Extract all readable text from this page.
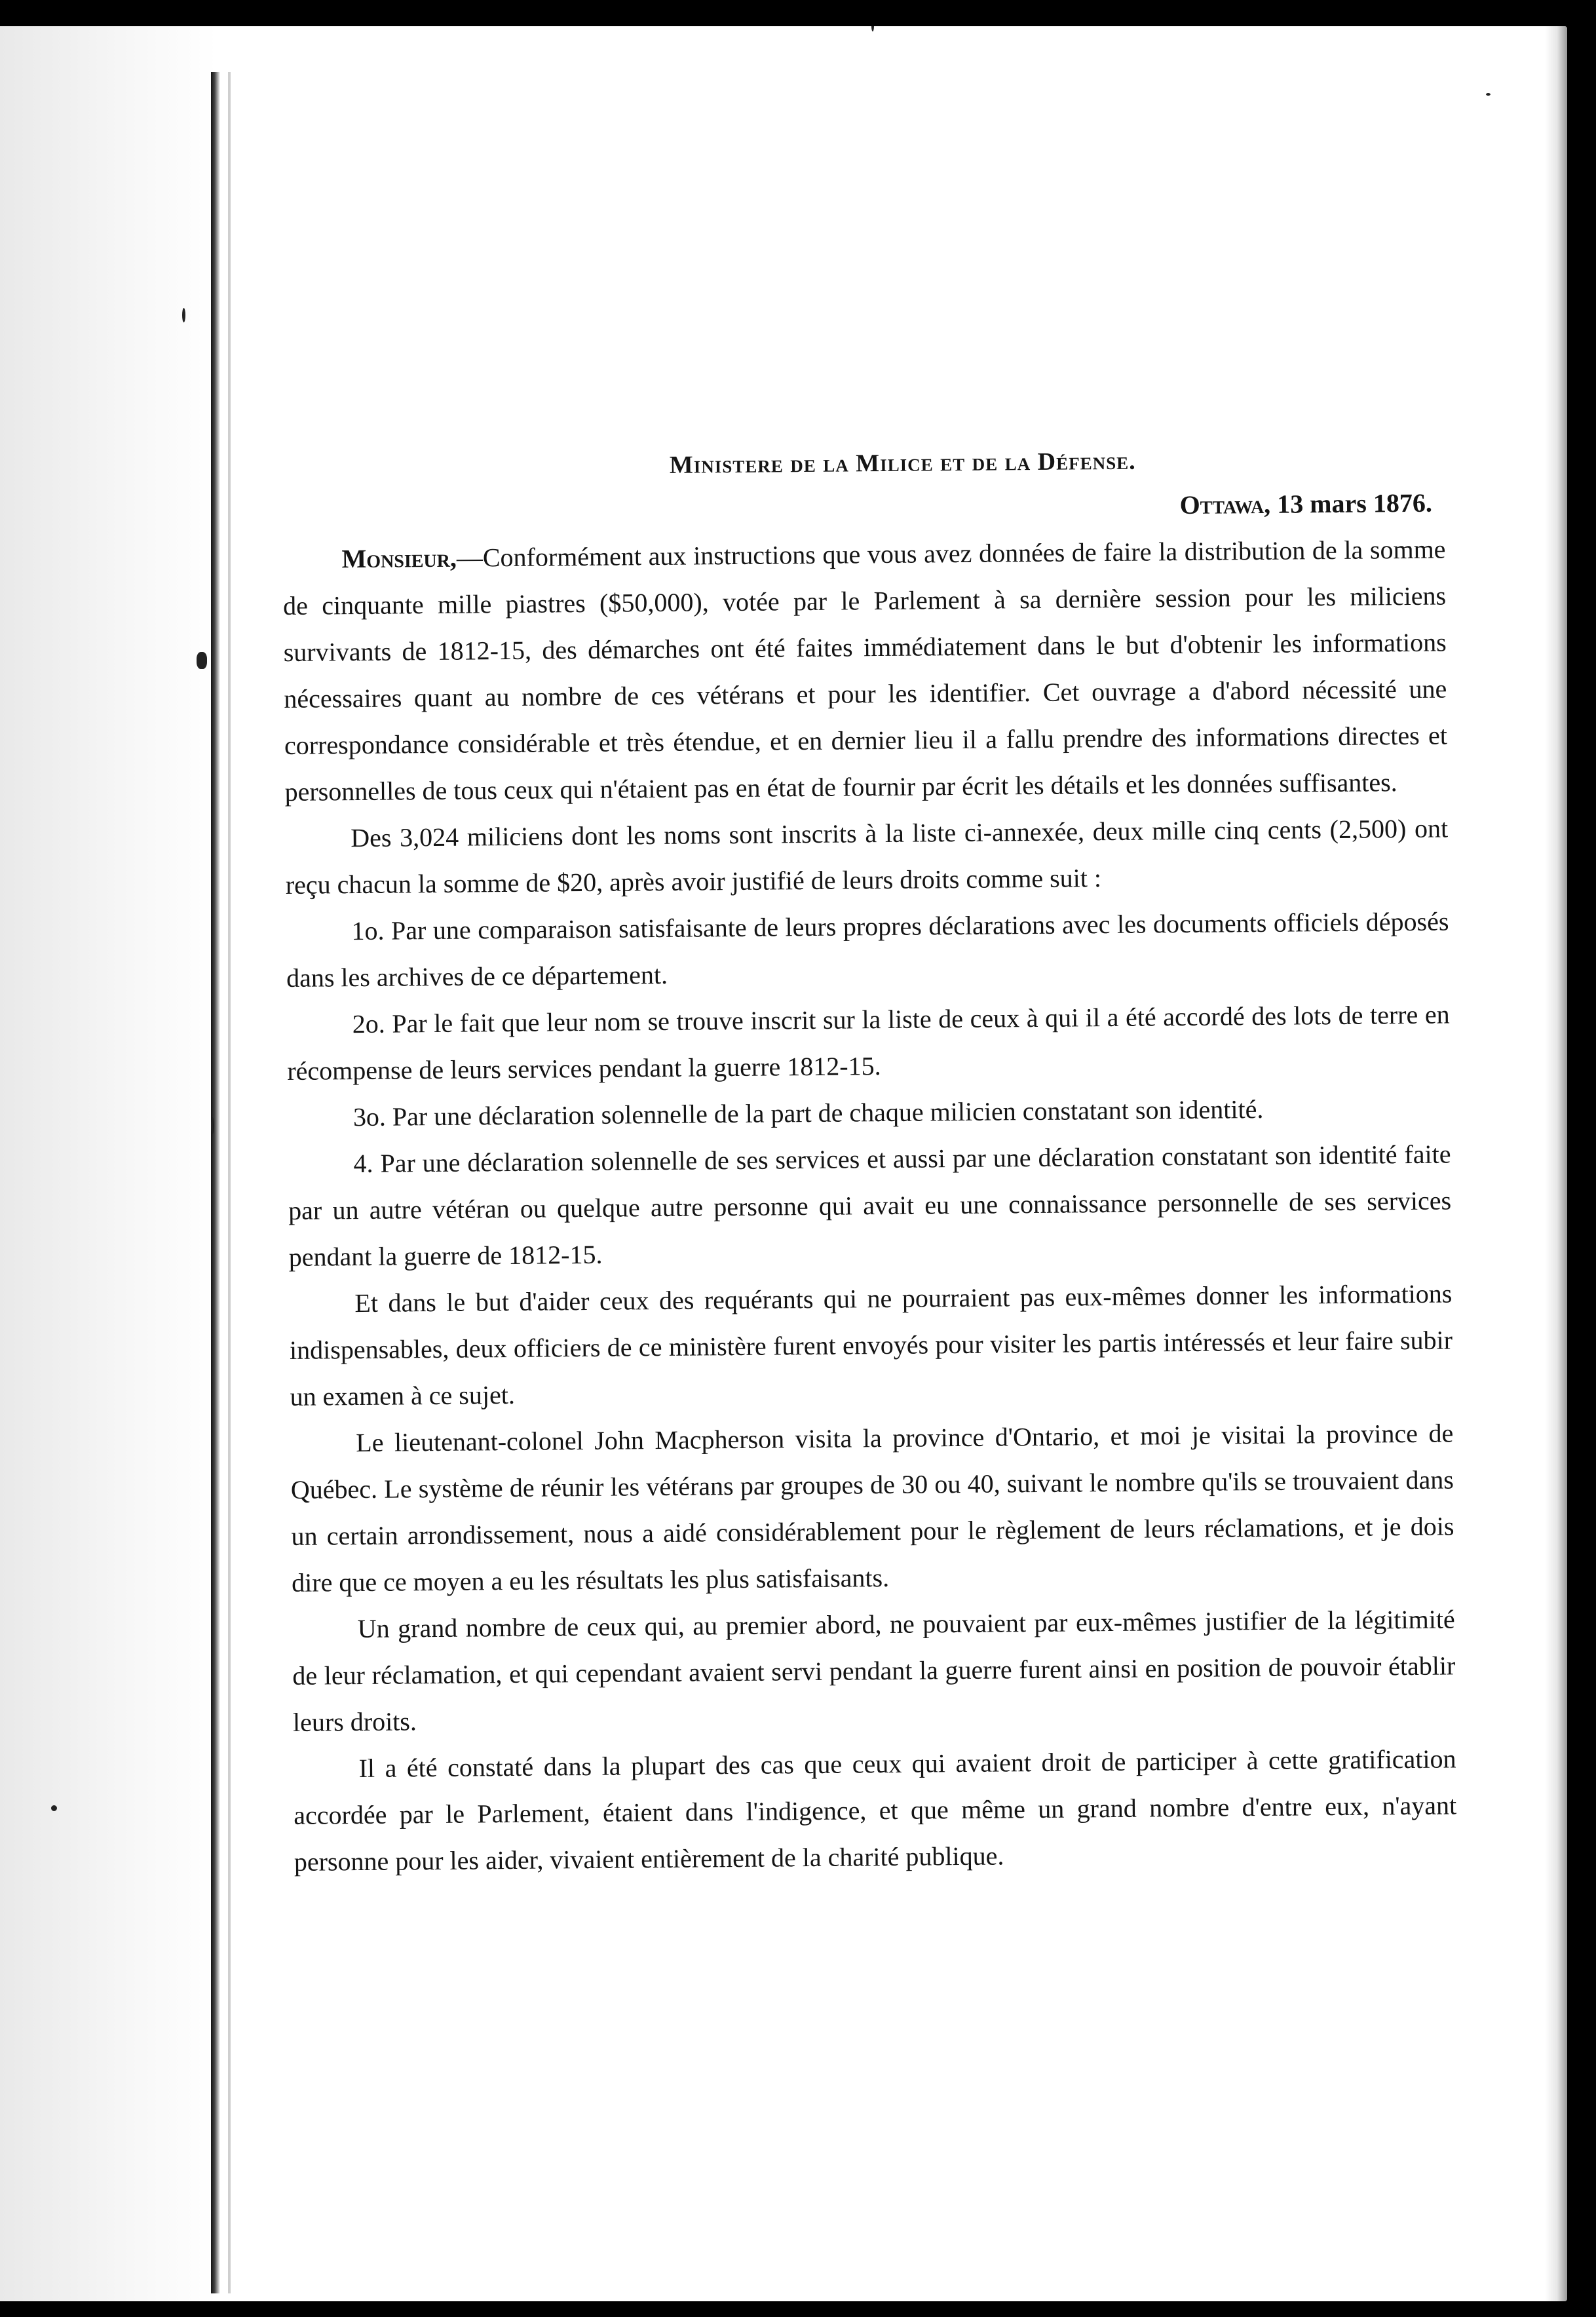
Ministere de la Milice et de la Défense.
Ottawa, 13 mars 1876.

Monsieur,—Conformément aux instructions que vous avez données de faire la distribution de la somme de cinquante mille piastres ($50,000), votée par le Parlement à sa dernière session pour les miliciens survivants de 1812-15, des démarches ont été faites immédiatement dans le but d'obtenir les informations nécessaires quant au nombre de ces vétérans et pour les identifier. Cet ouvrage a d'abord nécessité une correspondance considérable et très étendue, et en dernier lieu il a fallu prendre des informations directes et personnelles de tous ceux qui n'étaient pas en état de fournir par écrit les détails et les données suffisantes.

Des 3,024 miliciens dont les noms sont inscrits à la liste ci-annexée, deux mille cinq cents (2,500) ont reçu chacun la somme de $20, après avoir justifié de leurs droits comme suit :

1o. Par une comparaison satisfaisante de leurs propres déclarations avec les documents officiels déposés dans les archives de ce département.

2o. Par le fait que leur nom se trouve inscrit sur la liste de ceux à qui il a été accordé des lots de terre en récompense de leurs services pendant la guerre 1812-15.

3o. Par une déclaration solennelle de la part de chaque milicien constatant son identité.

4. Par une déclaration solennelle de ses services et aussi par une déclaration constatant son identité faite par un autre vétéran ou quelque autre personne qui avait eu une connaissance personnelle de ses services pendant la guerre de 1812-15.

Et dans le but d'aider ceux des requérants qui ne pourraient pas eux-mêmes donner les informations indispensables, deux officiers de ce ministère furent envoyés pour visiter les partis intéressés et leur faire subir un examen à ce sujet.

Le lieutenant-colonel John Macpherson visita la province d'Ontario, et moi je visitai la province de Québec. Le système de réunir les vétérans par groupes de 30 ou 40, suivant le nombre qu'ils se trouvaient dans un certain arrondissement, nous a aidé considérablement pour le règlement de leurs réclamations, et je dois dire que ce moyen a eu les résultats les plus satisfaisants.

Un grand nombre de ceux qui, au premier abord, ne pouvaient par eux-mêmes justifier de la légitimité de leur réclamation, et qui cependant avaient servi pendant la guerre furent ainsi en position de pouvoir établir leurs droits.

Il a été constaté dans la plupart des cas que ceux qui avaient droit de participer à cette gratification accordée par le Parlement, étaient dans l'indigence, et que même un grand nombre d'entre eux, n'ayant personne pour les aider, vivaient entièrement de la charité publique.
